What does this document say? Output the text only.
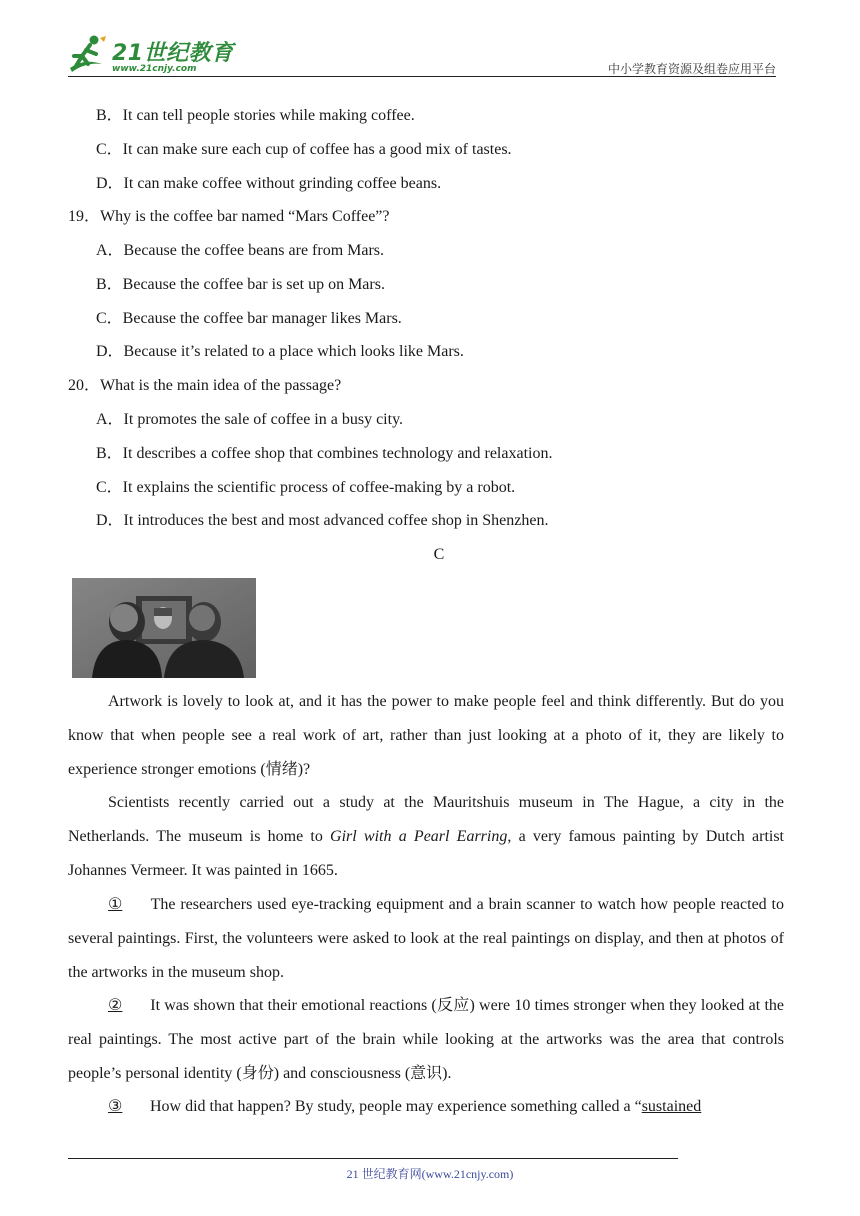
21世纪教育
www.21cnjy.com	中小学教育资源及组卷应用平台
B．It can tell people stories while making coffee.
C．It can make sure each cup of coffee has a good mix of tastes.
D．It can make coffee without grinding coffee beans.
19．Why is the coffee bar named “Mars Coffee”?
A．Because the coffee beans are from Mars.
B．Because the coffee bar is set up on Mars.
C．Because the coffee bar manager likes Mars.
D．Because it’s related to a place which looks like Mars.
20．What is the main idea of the passage?
A．It promotes the sale of coffee in a busy city.
B．It describes a coffee shop that combines technology and relaxation.
C．It explains the scientific process of coffee-making by a robot.
D．It introduces the best and most advanced coffee shop in Shenzhen.
C
Artwork is lovely to look at, and it has the power to make people feel and think differently. But do you know that when people see a real work of art, rather than just looking at a photo of it, they are likely to experience stronger emotions (情绪)?
Scientists recently carried out a study at the Mauritshuis museum in The Hague, a city in the Netherlands. The museum is home to Girl with a Pearl Earring, a very famous painting by Dutch artist Johannes Vermeer. It was painted in 1665.
① The researchers used eye-tracking equipment and a brain scanner to watch how people reacted to several paintings. First, the volunteers were asked to look at the real paintings on display, and then at photos of the artworks in the museum shop.
② It was shown that their emotional reactions (反应) were 10 times stronger when they looked at the real paintings. The most active part of the brain while looking at the artworks was the area that controls people’s personal identity (身份) and consciousness (意识).
③ How did that happen? By study, people may experience something called a “sustained
21 世纪教育网(www.21cnjy.com)
